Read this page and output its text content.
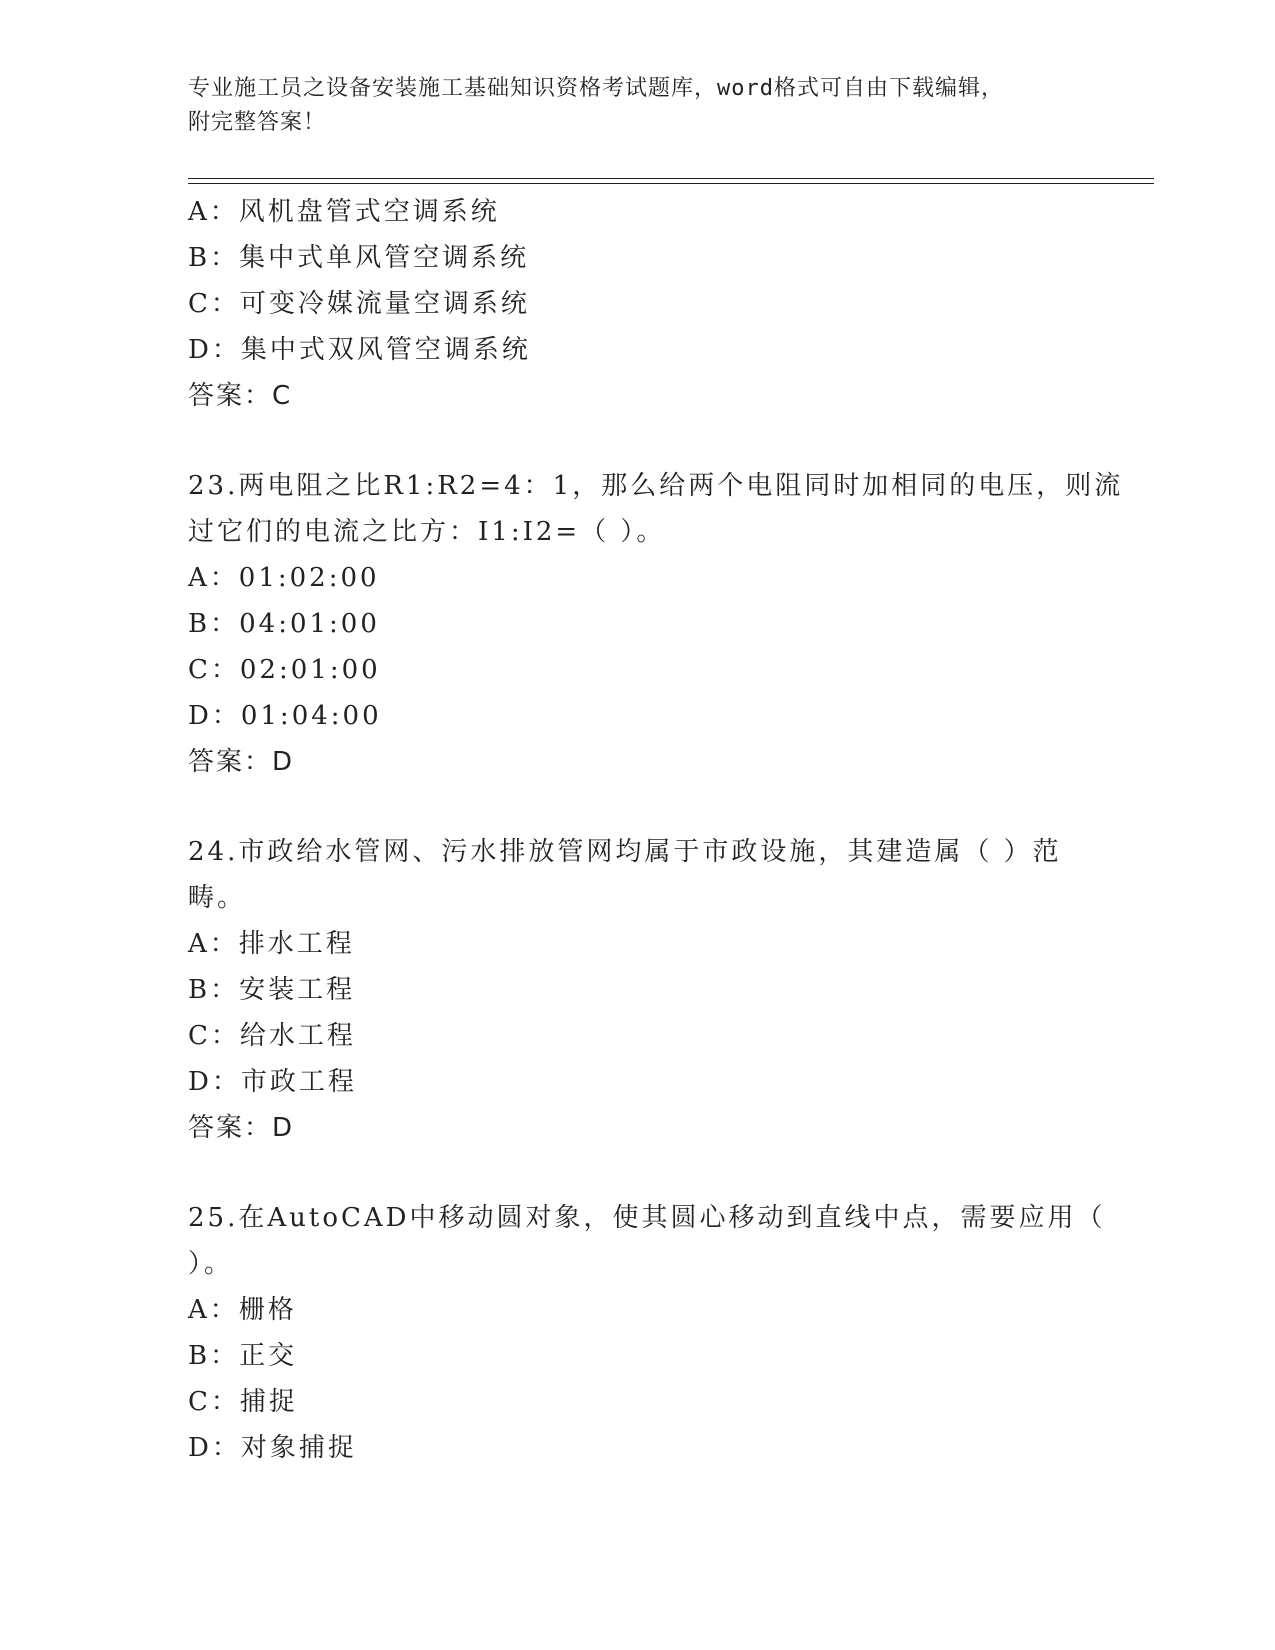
专业施工员之设备安装施工基础知识资格考试题库，word格式可自由下载编辑，
附完整答案！
A：风机盘管式空调系统
B：集中式单风管空调系统
C：可变冷媒流量空调系统
D：集中式双风管空调系统
答案：C
23.两电阻之比R1:R2=4：1，那么给两个电阻同时加相同的电压，则流
过它们的电流之比方：I1:I2=（ ）。
A：01:02:00
B：04:01:00
C：02:01:00
D：01:04:00
答案：D
24.市政给水管网、污水排放管网均属于市政设施，其建造属（ ）范
畴。
A：排水工程
B：安装工程
C：给水工程
D：市政工程
答案：D
25.在AutoCAD中移动圆对象，使其圆心移动到直线中点，需要应用（
）。
A：栅格
B：正交
C：捕捉
D：对象捕捉
